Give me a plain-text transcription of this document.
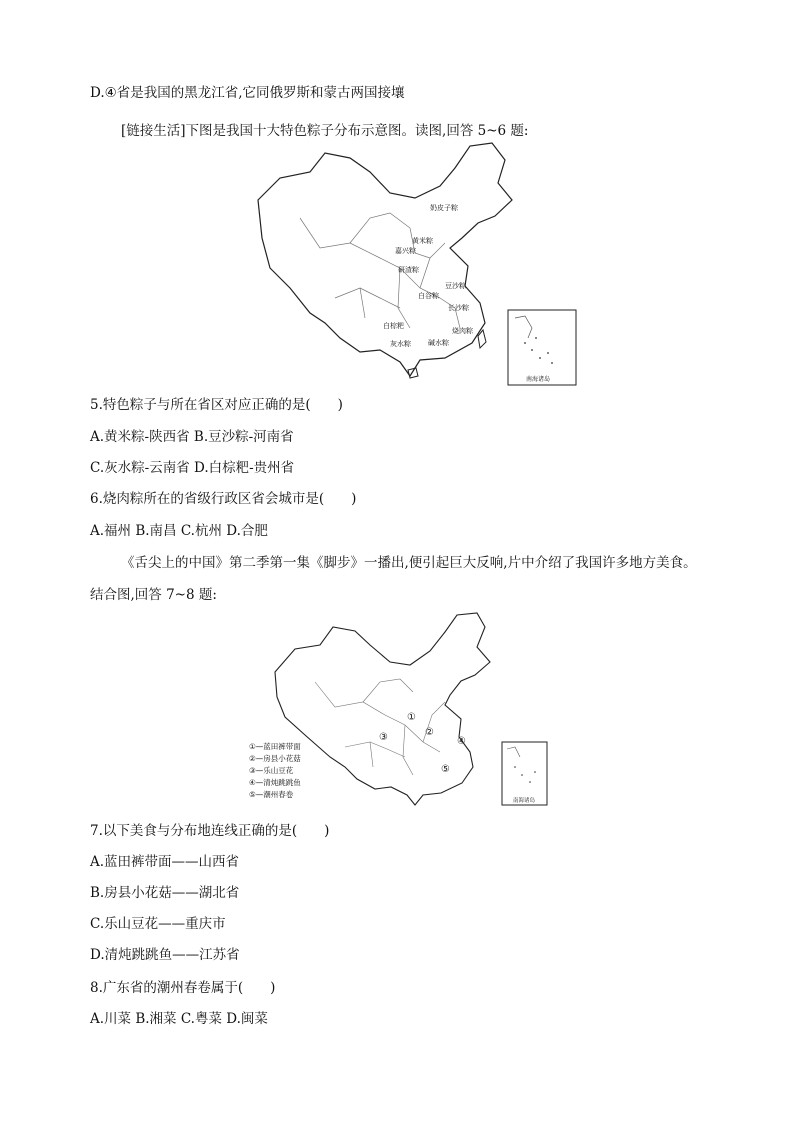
D.④省是我国的黑龙江省,它同俄罗斯和蒙古两国接壤
[链接生活]下图是我国十大特色粽子分布示意图。读图,回答 5~6 题:
奶皮子粽
黄米粽
嘉兴粽
研渣粽
豆沙粽
白谷粽
长沙粽
白棕粑
灰水粽
烧肉粽
碱水粽
南海诸岛
5.特色粽子与所在省区对应正确的是(　　)
A.黄米粽-陕西省 B.豆沙粽-河南省
C.灰水粽-云南省 D.白棕粑-贵州省
6.烧肉粽所在的省级行政区省会城市是(　　)
A.福州 B.南昌 C.杭州 D.合肥
《舌尖上的中国》第二季第一集《脚步》一播出,便引起巨大反响,片中介绍了我国许多地方美食。
结合图,回答 7~8 题:
①
②
③	④
⑤
①—蓝田裤带面
②—房县小花菇
③—乐山豆花
④—清炖跳跳鱼
⑤—潮州春卷
南海诸岛
7.以下美食与分布地连线正确的是(　　)
A.蓝田裤带面——山西省
B.房县小花菇——湖北省
C.乐山豆花——重庆市
D.清炖跳跳鱼——江苏省
8.广东省的潮州春卷属于(　　)
A.川菜 B.湘菜 C.粤菜 D.闽菜
